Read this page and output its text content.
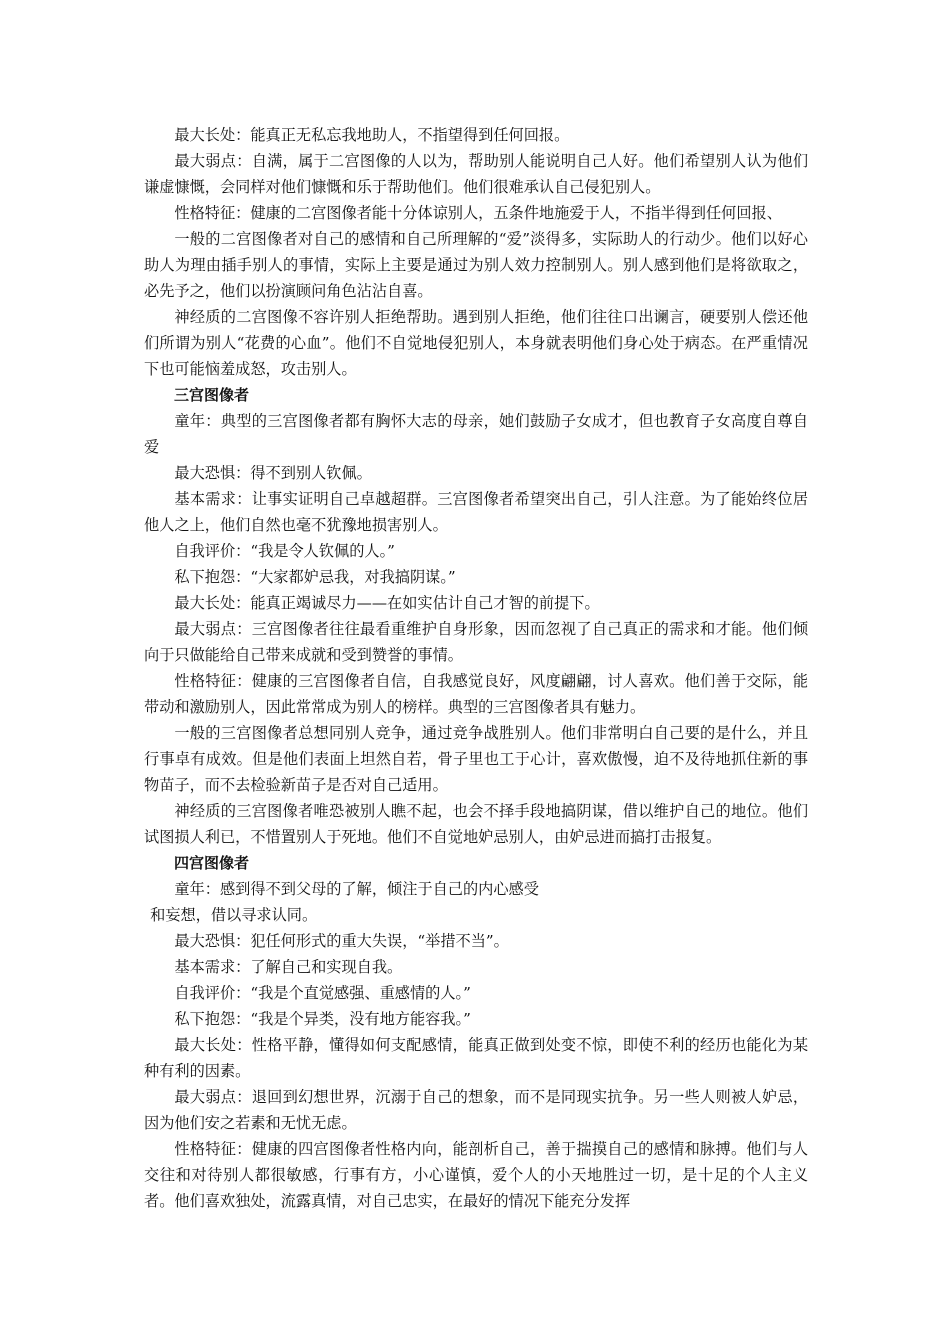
最大长处：能真正无私忘我地助人，不指望得到任何回报。

最大弱点：自满，属于二宫图像的人以为，帮助别人能说明自己人好。他们希望别人认为他们谦虚慷慨，会同样对他们慷慨和乐于帮助他们。他们很难承认自己侵犯别人。

性格特征：健康的二宫图像者能十分体谅别人，五条件地施爱于人，不指半得到任何回报、

一般的二宫图像者对自己的感情和自己所理解的“爱”淡得多，实际助人的行动少。他们以好心助人为理由插手别人的事情，实际上主要是通过为别人效力控制别人。别人感到他们是将欲取之，必先予之，他们以扮演顾问角色沾沾自喜。

神经质的二宫图像不容许别人拒绝帮助。遇到别人拒绝，他们往往口出谰言，硬要别人偿还他们所谓为别人“花费的心血”。他们不自觉地侵犯别人，本身就表明他们身心处于病态。在严重情况下也可能恼羞成怒，攻击别人。

三宫图像者

童年：典型的三宫图像者都有胸怀大志的母亲，她们鼓励子女成才，但也教育子女高度自尊自爱

最大恐惧：得不到别人钦佩。

基本需求：让事实证明自己卓越超群。三宫图像者希望突出自己，引人注意。为了能始终位居他人之上，他们自然也毫不犹豫地损害别人。

自我评价：“我是令人钦佩的人。”

私下抱怨：“大家都妒忌我，对我搞阴谋。”

最大长处：能真正竭诚尽力——在如实估计自己才智的前提下。

最大弱点：三宫图像者往往最看重维护自身形象，因而忽视了自己真正的需求和才能。他们倾向于只做能给自己带来成就和受到赞誉的事情。

性格特征：健康的三宫图像者自信，自我感觉良好，风度翩翩，讨人喜欢。他们善于交际，能带动和激励别人，因此常常成为别人的榜样。典型的三宫图像者具有魅力。

一般的三宫图像者总想同别人竞争，通过竞争战胜别人。他们非常明白自己要的是什么，并且行事卓有成效。但是他们表面上坦然自若，骨子里也工于心计，喜欢傲慢，迫不及待地抓住新的事物苗子，而不去检验新苗子是否对自己适用。

神经质的三宫图像者唯恐被别人瞧不起，也会不择手段地搞阴谋，借以维护自己的地位。他们试图损人利已，不惜置别人于死地。他们不自觉地妒忌别人，由妒忌进而搞打击报复。

四宫图像者

童年：感到得不到父母的了解，倾注于自己的内心感受

和妄想，借以寻求认同。

最大恐惧：犯任何形式的重大失误，“举措不当”。

基本需求：了解自己和实现自我。

自我评价：“我是个直觉感强、重感情的人。”

私下抱怨：“我是个异类，没有地方能容我。”

最大长处：性格平静，懂得如何支配感情，能真正做到处变不惊，即使不利的经历也能化为某种有利的因素。

最大弱点：退回到幻想世界，沉溺于自己的想象，而不是同现实抗争。另一些人则被人妒忌，因为他们安之若素和无忧无虑。

性格特征：健康的四宫图像者性格内向，能剖析自己，善于揣摸自己的感情和脉搏。他们与人交往和对待别人都很敏感，行事有方，小心谨慎，爱个人的小天地胜过一切，是十足的个人主义者。他们喜欢独处，流露真情，对自己忠实，在最好的情况下能充分发挥
